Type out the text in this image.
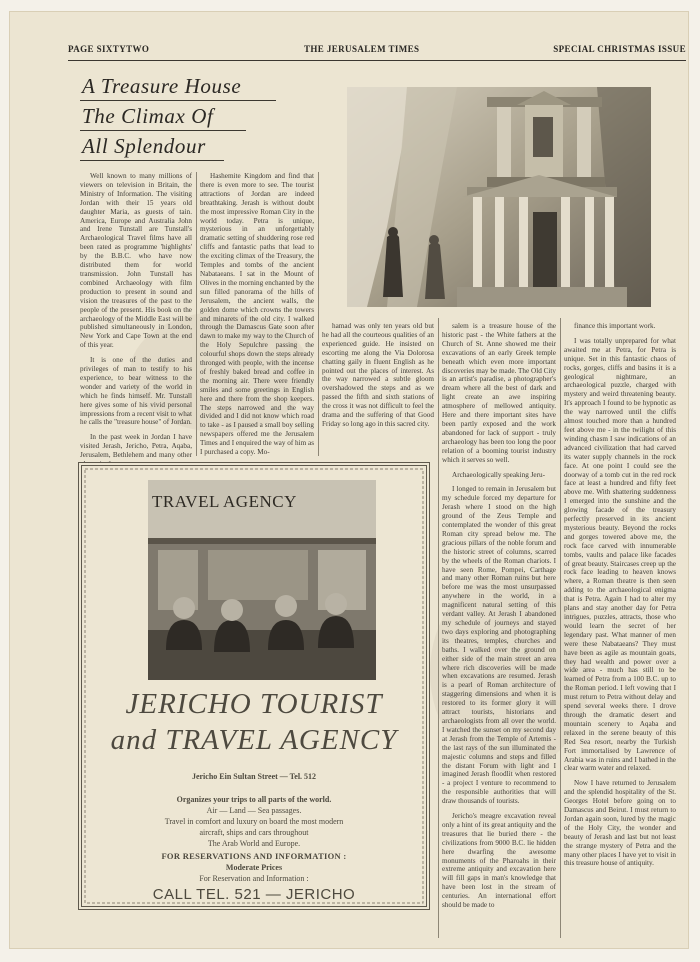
PAGE SIXTYTWO	THE JERUSALEM TIMES	SPECIAL CHRISTMAS ISSUE
A Treasure House
The Climax Of
All Splendour

Well known to many millions of viewers on television in Britain, the Ministry of Information. The visiting Jordan with their 15 years old daughter Maria, as guests of tain. America, Europe and Australia John and Irene Tunstall are Tunstall's Archaeological Travel films have all been rated as programme 'highlights' by the B.B.C. who have now distributed them for world transmission. John Tunstall has combined Archaeology with film production to present in sound and vision the treasures of the past to the people of the present. His book on the archaeology of the Middle East will be published simultaneously in London, New York and Cape Town at the end of this year.

It is one of the duties and privileges of man to testify to his experience, to bear witness to the wonder and variety of the world in which he finds himself. Mr. Tunstall here gives some of his vivid personal impressions from a recent visit to what he calls the "treasure house" of Jordan.

In the past week in Jordan I have visited Jerash, Jericho, Petra, Aqaba, Jerusalem, Bethlehem and many other

Hashemite Kingdom and find that there is even more to see. The tourist attractions of Jordan are indeed breathtaking. Jerash is without doubt the most impressive Roman City in the world today. Petra is unique, mysterious in an unforgettably dramatic setting of shuddering rose red cliffs and fantastic paths that lead to the exciting climax of the Treasury, the Temples and tombs of the ancient Nabataeans. I sat in the Mount of Olives in the morning enchanted by the sun filled panorama of the hills of Jerusalem, the ancient walls, the golden dome which crowns the towers and minarets of the old city. I walked through the Damascus Gate soon after dawn to make my way to the Church of the Holy Sepulchre passing the colourful shops down the steps already thronged with people, with the incense of freshly baked bread and coffee in the morning air. There were friendly smiles and some greetings in English here and there from the shop keepers. The steps narrowed and the way divided and I did not know which road to take - as I paused a small boy selling newspapers offered me the Jerusalem Times and I enquired the way of him as I purchased a copy. Mo-

hamad was only ten years old but he had all the courteous qualities of an experienced guide. He insisted on escorting me along the Via Dolorosa chatting gaily in fluent English as he pointed out the places of interest. As the way narrowed a subtle gloom overshadowed the steps and as we passed the fifth and sixth stations of the cross it was not difficult to feel the drama and the suffering of that Good Friday so long ago in this sacred city.

salem is a treasure house of the historic past - the White fathers at the Church of St. Anne showed me their excavations of an early Greek temple beneath which even more important discoveries may be made. The Old City is an artist's paradise, a photographer's dream where all the best of dark and light create an awe inspiring atmosphere of mellowed antiquity. Here and there important sites have been partly exposed and the work abandoned for lack of support - truly archaeology has been too long the poor relation of a booming tourist industry which it serves so well.

Archaeologically speaking Jeru-

I longed to remain in Jerusalem but my schedule forced my departure for Jerash where I stood on the high ground of the Zeus Temple and contemplated the wonder of this great Roman city spread below me. The gracious pillars of the noble forum and the historic street of columns, scarred by the wheels of the Roman chariots. I have seen Rome, Pompei, Carthage and many other Roman ruins but here before me was the most unsurpassed anywhere in the world, in a magnificent natural setting of this verdant valley. At Jerash I abandoned my schedule of journeys and stayed two days exploring and photographing its theatres, temples, churches and baths. I walked over the ground on either side of the main street an area where rich discoveries will be made when excavations are resumed. Jerash is a pearl of Roman architecture of staggering dimensions and when it is restored to its former glory it will attract tourists, historians and archaeologists from all over the world. I watched the sunset on my second day at Jerash from the Temple of Artemis - the last rays of the sun illuminated the majestic columns and steps and filled the distant Forum with light and I imagined Jerash floodlit when restored - a project I venture to recommend to the responsible authorities that will draw thousands of tourists.

Jericho's meagre excavation reveal only a hint of its great antiquity and the treasures that lie buried there - the civilizations from 9000 B.C. lie hidden here dwarfing the awesome monuments of the Pharoahs in their extreme antiquity and excavation here will fill gaps in man's knowledge that have been lost in the stream of centuries. An international effort should be made to

finance this important work.

I was totally unprepared for what awaited me at Petra, for Petra is unique. Set in this fantastic chaos of rocks, gorges, cliffs and basins it is a geological nightmare, an archaeological puzzle, charged with mystery and weird threatening beauty. It's approach I found to be hypnotic as the way narrowed until the cliffs almost touched more than a hundred feet above me - in the twilight of this winding chasm I saw indications of an advanced civilization that had carved its water supply channels in the rock face. At one point I could see the doorway of a tomb cut in the red rock face at least a hundred and fifty feet above me. With shattering suddenness I emerged into the sunshine and the glowing facade of the treasury perfectly preserved in its ancient mysterious beauty. Beyond the rocks and gorges towered above me, the rock face carved with innumerable tombs, vaults and palace like facades of great beauty. Staircases creep up the rock face leading to heaven knows where, a Roman theatre is then seen adding to the archaeological enigma that is Petra. Again I had to alter my plans and stay another day for Petra intrigues, puzzles, attracts, those who would learn the secret of her legendary past. What manner of men were these Nabataeans? They must have been as agile as mountain goats, they had wealth and power over a wide area - much has still to be learned of Petra from a 100 B.C. up to the Roman period. I left vowing that I must return to Petra without delay and spend several weeks there. I drove through the dramatic desert and mountain scenery to Aqaba and relaxed in the serene beauty of this Red Sea resort, nearby the Turkish Fort immortalised by Lawrence of Arabia was in ruins and I bathed in the clear warm water and relaxed.

Now I have returned to Jerusalem and the splendid hospitality of the St. Georges Hotel before going on to Damascus and Beirut. I must return to Jordan again soon, lured by the magic of the Holy City, the wonder and beauty of Jerash and last but not least the strange mystery of Petra and the many other places I have yet to visit in this treasure house of antiquity.

TRAVEL AGENCY
JERICHO TOURIST
and TRAVEL AGENCY
Jericho Ein Sultan Street — Tel. 512
Organizes your trips to all parts of the world.
Air — Land — Sea passages.
Travel in comfort and luxury on board the most modern
aircraft, ships and cars throughout
The Arab World and Europe.
FOR RESERVATIONS AND INFORMATION :
Moderate Prices
For Reservation and Information :
CALL TEL. 521 — JERICHO
